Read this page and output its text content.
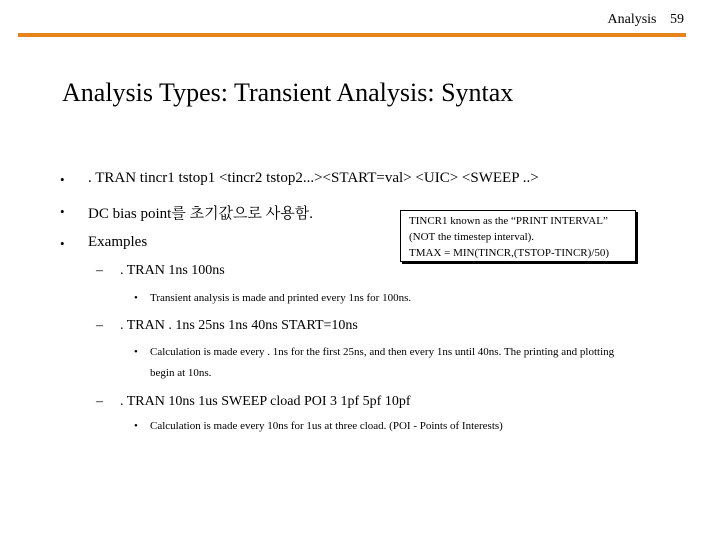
Analysis 59
Analysis Types: Transient Analysis: Syntax
• . TRAN tincr1 tstop1 <tincr2 tstop2...><START=val> <UIC> <SWEEP ..>
• DC bias point를 초기값으로 사용함.
• Examples
TINCR1 known as the “PRINT INTERVAL”
(NOT the timestep interval).
TMAX = MIN(TINCR,(TSTOP-TINCR)/50)
– . TRAN 1ns 100ns
• Transient analysis is made and printed every 1ns for 100ns.
– . TRAN . 1ns 25ns 1ns 40ns START=10ns
• Calculation is made every . 1ns for the first 25ns, and then every 1ns until 40ns. The printing and plotting
begin at 10ns.
– . TRAN 10ns 1us SWEEP cload POI 3 1pf 5pf 10pf
• Calculation is made every 10ns for 1us at three cload. (POI - Points of Interests)
